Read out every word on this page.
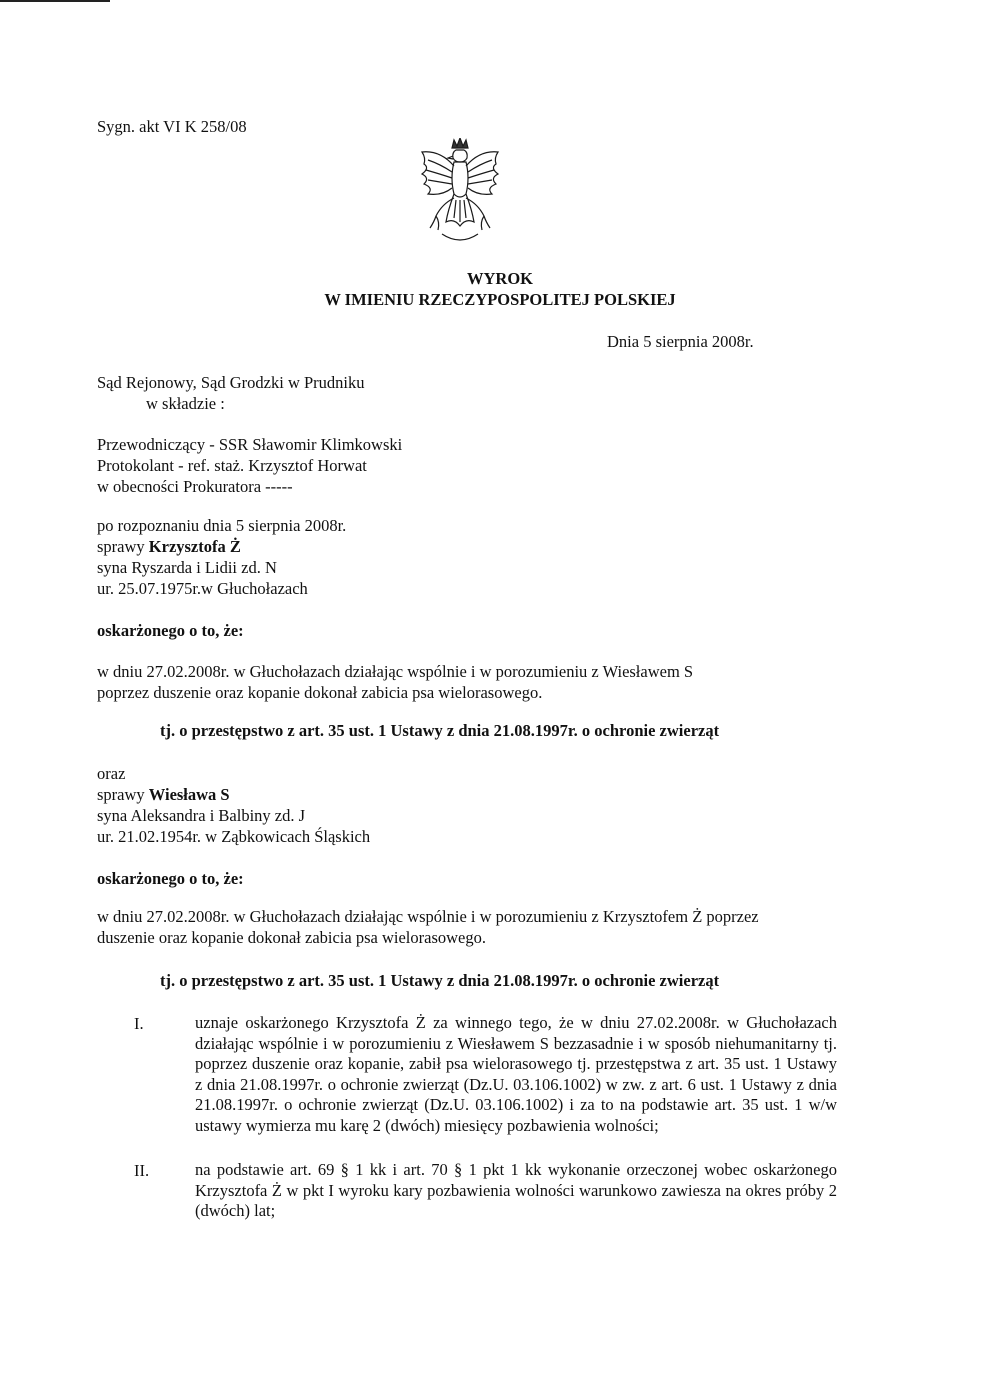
Sygn. akt VI K 258/08
WYROK
W IMIENIU RZECZYPOSPOLITEJ POLSKIEJ
Dnia 5 sierpnia 2008r.
Sąd Rejonowy, Sąd Grodzki w Prudniku
w składzie :
Przewodniczący - SSR Sławomir Klimkowski
Protokolant - ref. staż. Krzysztof Horwat
w obecności Prokuratora -----
po rozpoznaniu dnia 5 sierpnia 2008r.
sprawy Krzysztofa Ż
syna Ryszarda i Lidii zd. N
ur. 25.07.1975r.w Głuchołazach
oskarżonego o to, że:
w dniu 27.02.2008r. w Głuchołazach działając wspólnie i w porozumieniu z Wiesławem S
poprzez duszenie oraz kopanie dokonał zabicia psa wielorasowego.
tj. o przestępstwo z art. 35 ust. 1 Ustawy z dnia 21.08.1997r. o ochronie zwierząt
oraz
sprawy Wiesława S
syna Aleksandra i Balbiny zd. J
ur. 21.02.1954r. w Ząbkowicach Śląskich
oskarżonego o to, że:
w dniu 27.02.2008r. w Głuchołazach działając wspólnie i w porozumieniu z Krzysztofem Ż poprzez
duszenie oraz kopanie dokonał zabicia psa wielorasowego.
tj. o przestępstwo z art. 35 ust. 1 Ustawy z dnia 21.08.1997r. o ochronie zwierząt
I.	uznaje oskarżonego Krzysztofa Ż za winnego tego, że w dniu 27.02.2008r. w Głuchołazach działając wspólnie i w porozumieniu z Wiesławem S bezzasadnie i w sposób niehumanitarny tj. poprzez duszenie oraz kopanie, zabił psa wielorasowego tj. przestępstwa z art. 35 ust. 1 Ustawy z dnia 21.08.1997r. o ochronie zwierząt (Dz.U. 03.106.1002) w zw. z art. 6 ust. 1 Ustawy z dnia 21.08.1997r. o ochronie zwierząt (Dz.U. 03.106.1002) i za to na podstawie art. 35 ust. 1 w/w ustawy wymierza mu karę 2 (dwóch) miesięcy pozbawienia wolności;
II.	na podstawie art. 69 § 1 kk i art. 70 § 1 pkt 1 kk wykonanie orzeczonej wobec oskarżonego Krzysztofa Ż w pkt I wyroku kary pozbawienia wolności warunkowo zawiesza na okres próby 2 (dwóch) lat;
